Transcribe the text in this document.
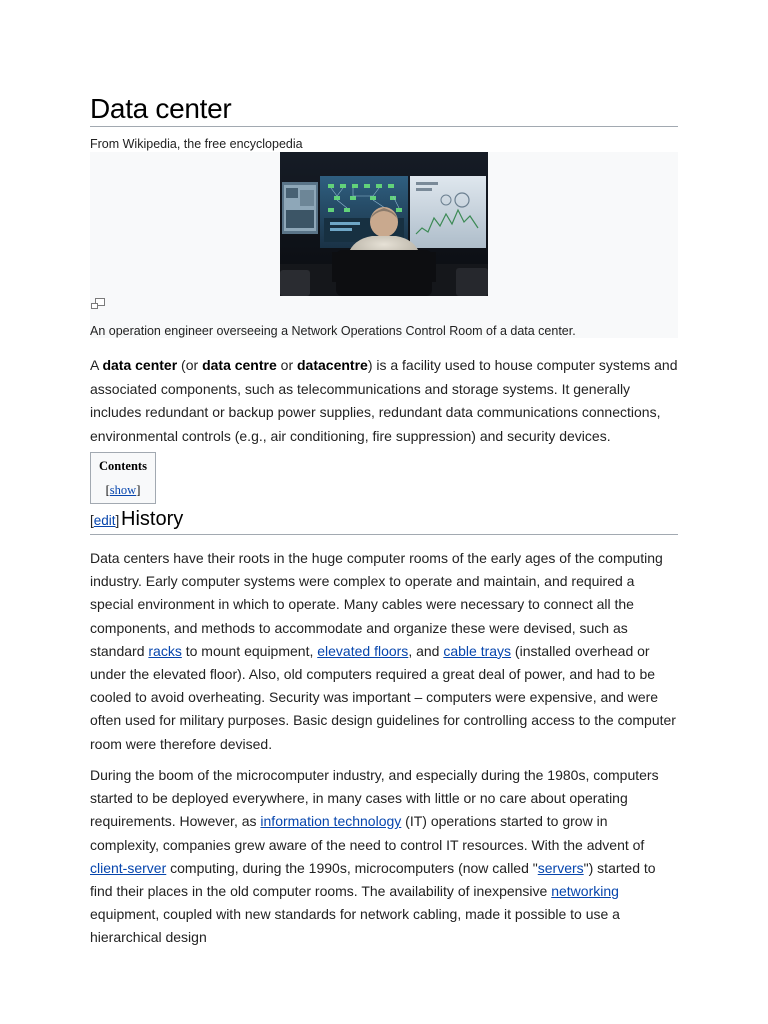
Data center
From Wikipedia, the free encyclopedia
An operation engineer overseeing a Network Operations Control Room of a data center.

A data center (or data centre or datacentre) is a facility used to house computer systems and associated components, such as telecommunications and storage systems. It generally includes redundant or backup power supplies, redundant data communications connections, environmental controls (e.g., air conditioning, fire suppression) and security devices.

Contents
[show]
[edit] History

Data centers have their roots in the huge computer rooms of the early ages of the computing industry. Early computer systems were complex to operate and maintain, and required a special environment in which to operate. Many cables were necessary to connect all the components, and methods to accommodate and organize these were devised, such as standard racks to mount equipment, elevated floors, and cable trays (installed overhead or under the elevated floor). Also, old computers required a great deal of power, and had to be cooled to avoid overheating. Security was important – computers were expensive, and were often used for military purposes. Basic design guidelines for controlling access to the computer room were therefore devised.

During the boom of the microcomputer industry, and especially during the 1980s, computers started to be deployed everywhere, in many cases with little or no care about operating requirements. However, as information technology (IT) operations started to grow in complexity, companies grew aware of the need to control IT resources. With the advent of client-server computing, during the 1990s, microcomputers (now called "servers") started to find their places in the old computer rooms. The availability of inexpensive networking equipment, coupled with new standards for network cabling, made it possible to use a hierarchical design
